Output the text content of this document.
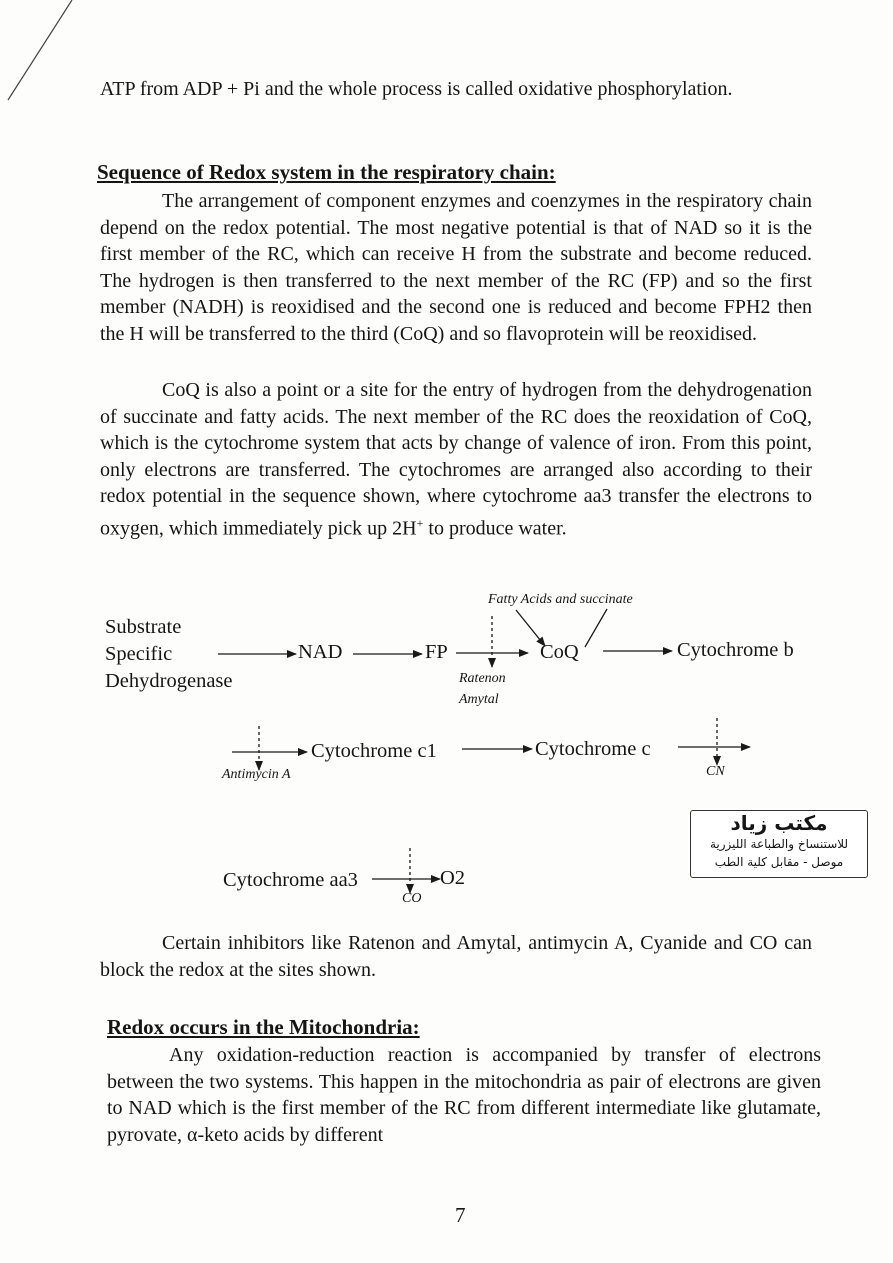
ATP from ADP + Pi and the whole process is called oxidative phosphorylation.

Sequence of Redox system in the respiratory chain:

The arrangement of component enzymes and coenzymes in the respiratory chain depend on the redox potential. The most negative potential is that of NAD so it is the first member of the RC, which can receive H from the substrate and become reduced. The hydrogen is then transferred to the next member of the RC (FP) and so the first member (NADH) is reoxidised and the second one is reduced and become FPH2 then the H will be transferred to the third (CoQ) and so flavoprotein will be reoxidised.

CoQ is also a point or a site for the entry of hydrogen from the dehydrogenation of succinate and fatty acids. The next member of the RC does the reoxidation of CoQ, which is the cytochrome system that acts by change of valence of iron. From this point, only electrons are transferred. The cytochromes are arranged also according to their redox potential in the sequence shown, where cytochrome aa3 transfer the electrons to oxygen, which immediately pick up 2H+ to produce water.

Fatty Acids and succinate
Substrate
Specific
Dehydrogenase
NAD	FP	CoQ	Cytochrome b
Ratenon
Amytal
Cytochrome c1	Cytochrome c
Antimycin A	CN
Cytochrome aa3	O2
CO
مكتب زياد
للاستنساخ والطباعة الليزرية
موصل - مقابل كلية الطب

Certain inhibitors like Ratenon and Amytal, antimycin A, Cyanide and CO can block the redox at the sites shown.

Redox occurs in the Mitochondria:

Any oxidation-reduction reaction is accompanied by transfer of electrons between the two systems. This happen in the mitochondria as pair of electrons are given to NAD which is the first member of the RC from different intermediate like glutamate, pyrovate, α-keto acids by different

7
